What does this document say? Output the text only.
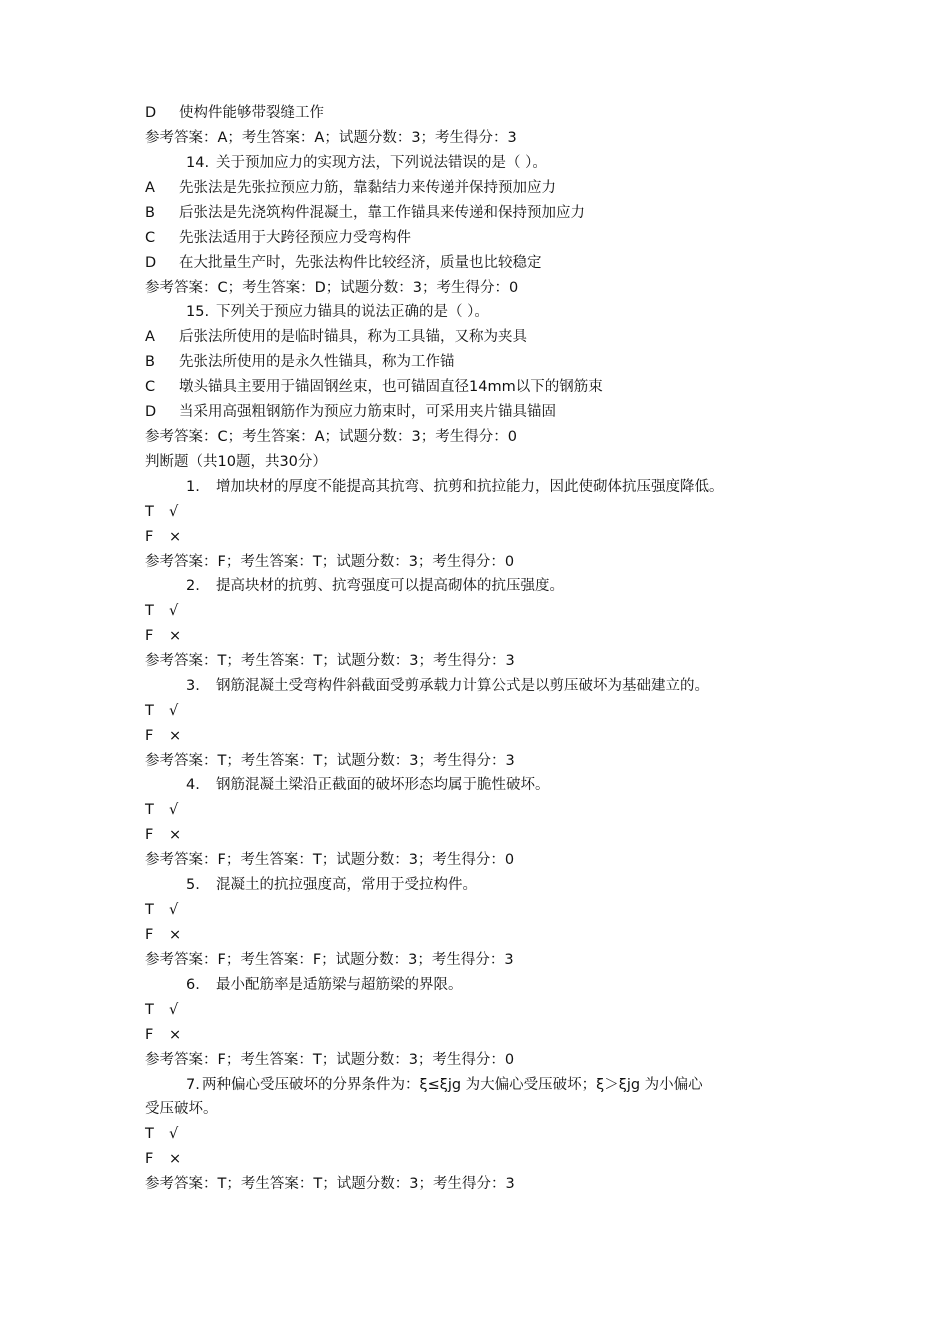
D 使构件能够带裂缝工作
参考答案：A；考生答案：A；试题分数：3；考生得分：3
14. 关于预加应力的实现方法，下列说法错误的是（ ）。
A 先张法是先张拉预应力筋，靠黏结力来传递并保持预加应力
B 后张法是先浇筑构件混凝土，靠工作锚具来传递和保持预加应力
C 先张法适用于大跨径预应力受弯构件
D 在大批量生产时，先张法构件比较经济，质量也比较稳定
参考答案：C；考生答案：D；试题分数：3；考生得分：0
15. 下列关于预应力锚具的说法正确的是（ ）。
A 后张法所使用的是临时锚具，称为工具锚，又称为夹具
B 先张法所使用的是永久性锚具，称为工作锚
C 墩头锚具主要用于锚固钢丝束，也可锚固直径14mm以下的钢筋束
D 当采用高强粗钢筋作为预应力筋束时，可采用夹片锚具锚固
参考答案：C；考生答案：A；试题分数：3；考生得分：0
判断题（共10题，共30分）
1. 增加块材的厚度不能提高其抗弯、抗剪和抗拉能力，因此使砌体抗压强度降低。
T √
F ×
参考答案：F；考生答案：T；试题分数：3；考生得分：0
2. 提高块材的抗剪、抗弯强度可以提高砌体的抗压强度。
T √
F ×
参考答案：T；考生答案：T；试题分数：3；考生得分：3
3. 钢筋混凝土受弯构件斜截面受剪承载力计算公式是以剪压破坏为基础建立的。
T √
F ×
参考答案：T；考生答案：T；试题分数：3；考生得分：3
4. 钢筋混凝土梁沿正截面的破坏形态均属于脆性破坏。
T √
F ×
参考答案：F；考生答案：T；试题分数：3；考生得分：0
5. 混凝土的抗拉强度高，常用于受拉构件。
T √
F ×
参考答案：F；考生答案：F；试题分数：3；考生得分：3
6. 最小配筋率是适筋梁与超筋梁的界限。
T √
F ×
参考答案：F；考生答案：T；试题分数：3；考生得分：0
7. 两种偏心受压破坏的分界条件为：ξ≤ξjg 为大偏心受压破坏；ξ＞ξjg 为小偏心
受压破坏。
T √
F ×
参考答案：T；考生答案：T；试题分数：3；考生得分：3
